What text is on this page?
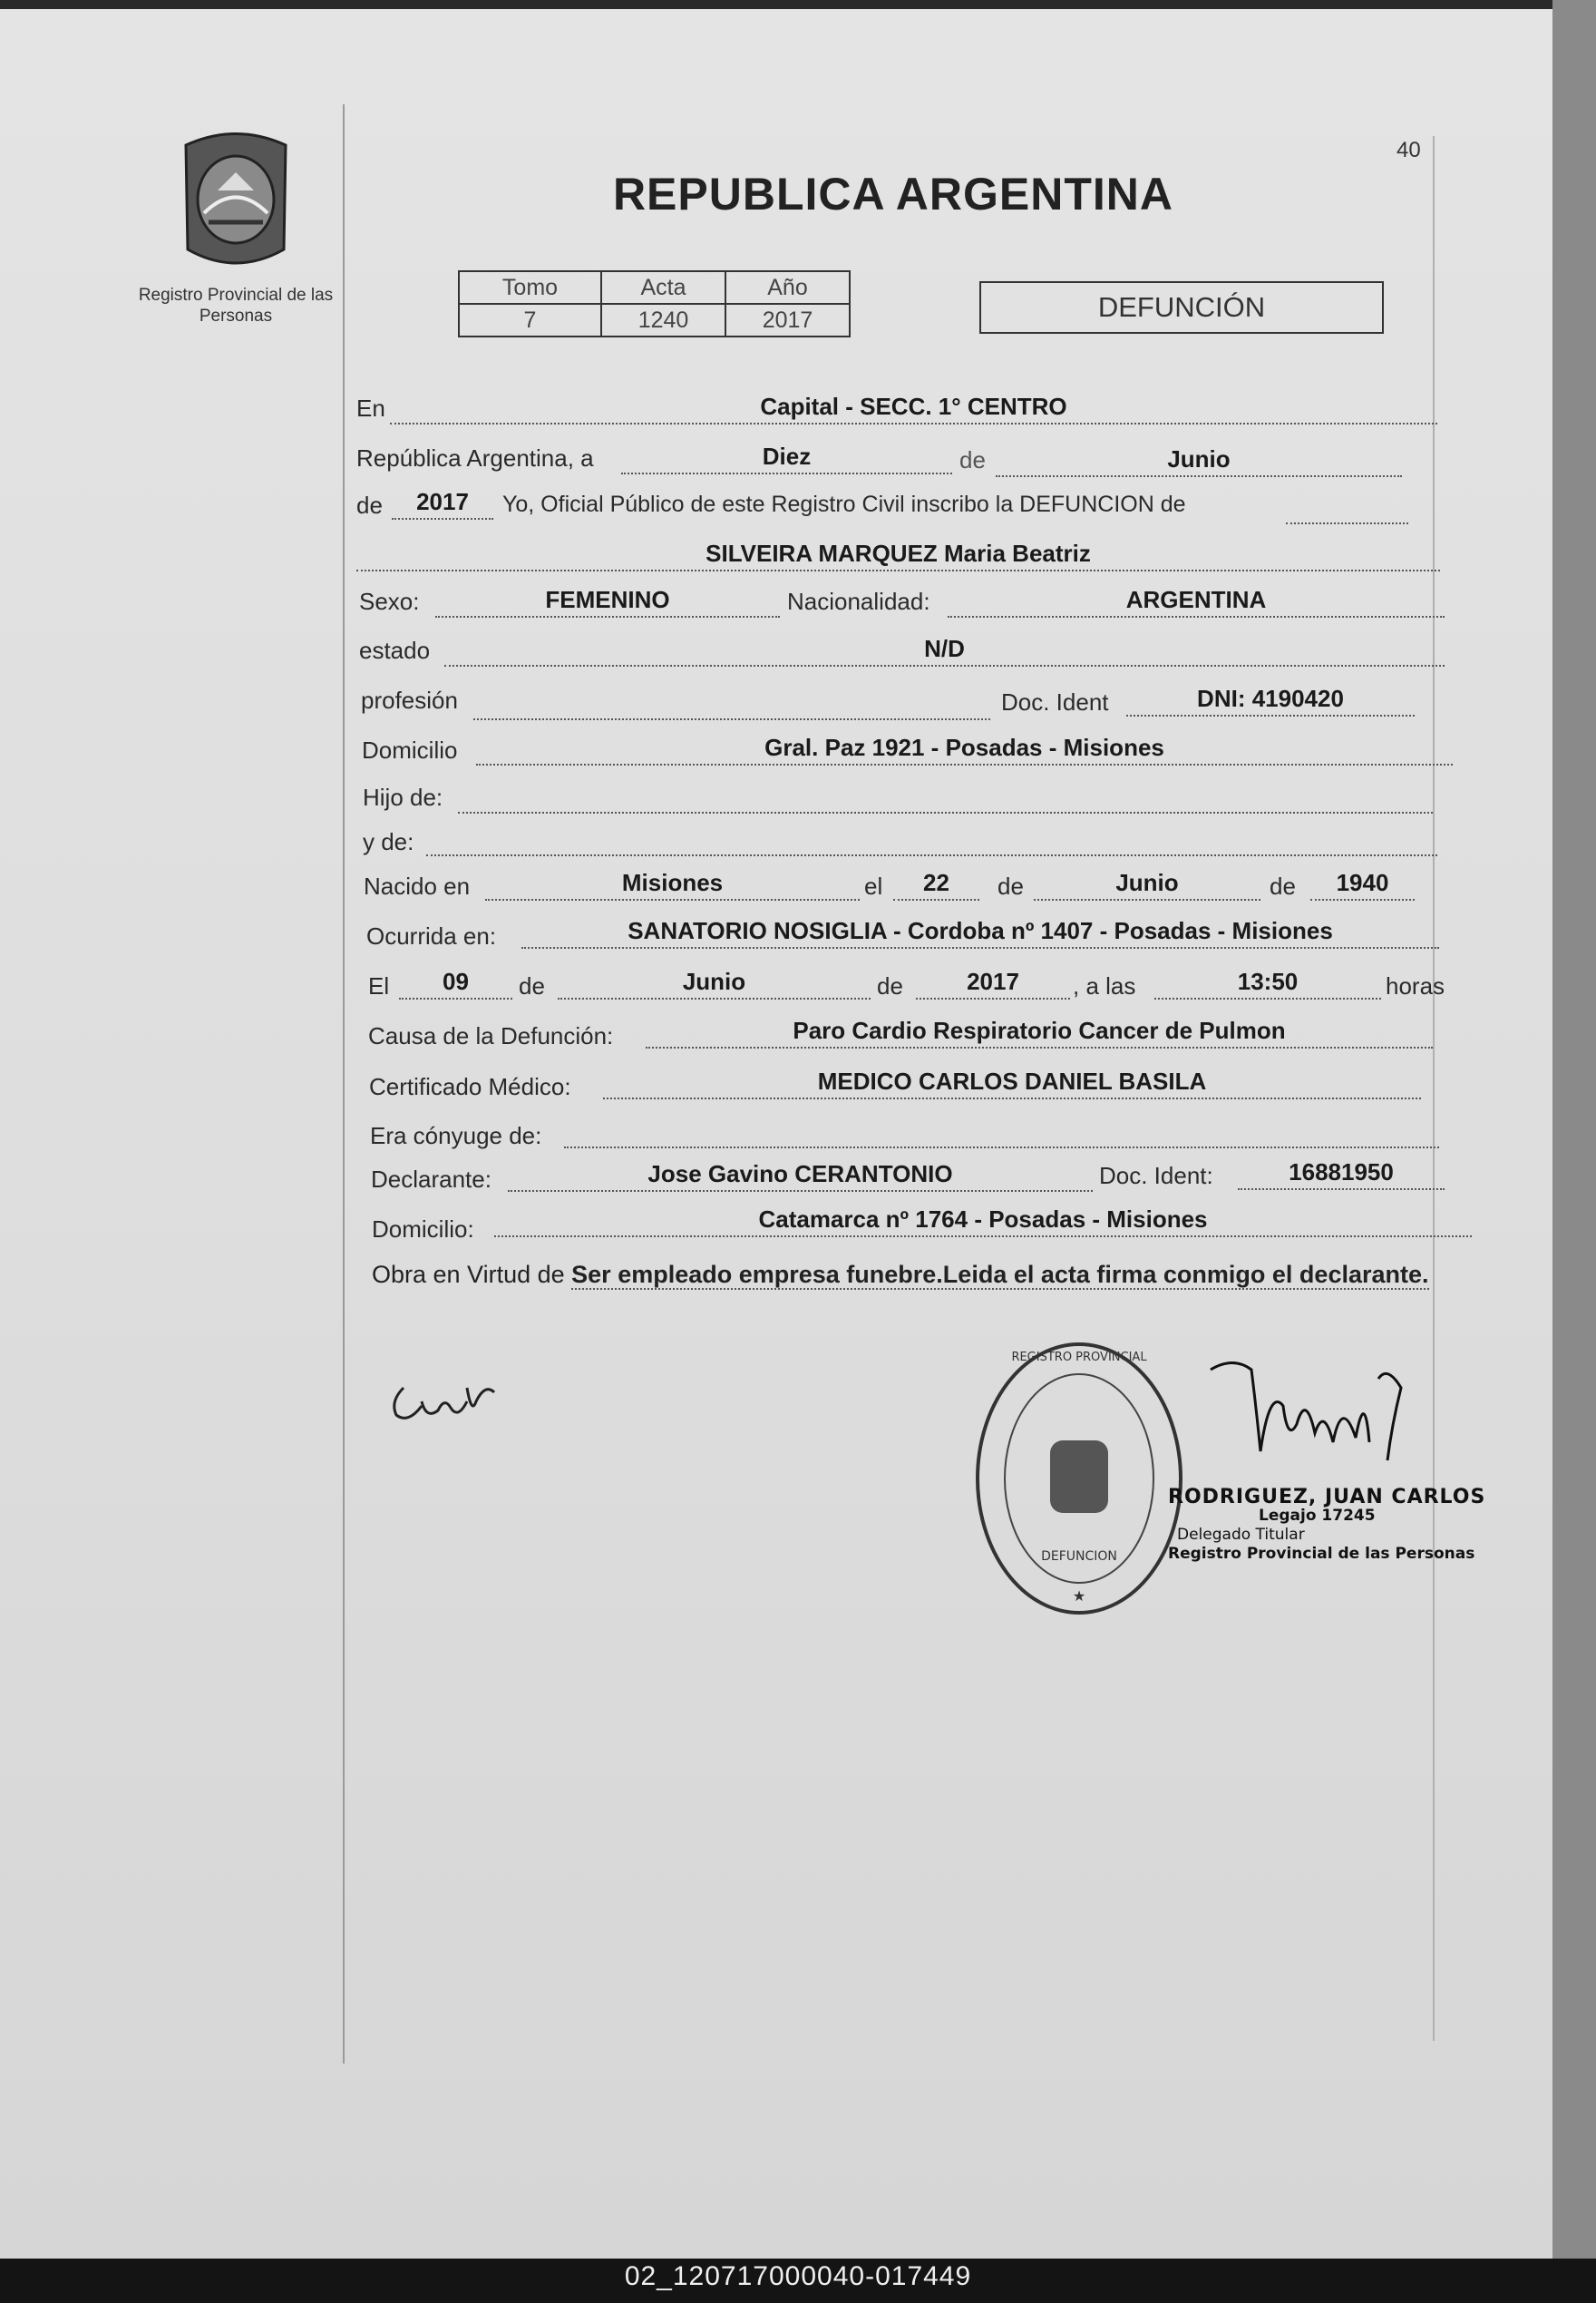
Registro Provincial de las Personas
40
REPUBLICA ARGENTINA
Tomo	Acta	Año
7	1240	2017	DEFUNCIÓN
En	Capital - SECC. 1° CENTRO
República Argentina, a	Diez	de	Junio
de	2017	Yo, Oficial Público de este Registro Civil inscribo la DEFUNCION de
SILVEIRA MARQUEZ Maria Beatriz
Sexo:	FEMENINO	Nacionalidad:	ARGENTINA
estado	N/D
profesión	Doc. Ident	DNI: 4190420
Domicilio	Gral. Paz 1921 - Posadas - Misiones
Hijo de:
y de:
Nacido en	Misiones	el	22	de	Junio	de	1940
Ocurrida en:	SANATORIO NOSIGLIA - Cordoba nº 1407 - Posadas - Misiones
El	09	de	Junio	de	2017	, a las	13:50	horas
Causa de la Defunción:	Paro Cardio Respiratorio Cancer de Pulmon
Certificado Médico:	MEDICO CARLOS DANIEL BASILA
Era cónyuge de:
Declarante:	Jose Gavino CERANTONIO	Doc. Ident:	16881950
Domicilio:	Catamarca nº 1764 - Posadas - Misiones
Obra en Virtud de Ser empleado empresa funebre.Leida el acta firma conmigo el declarante.
REGISTRO PROVINCIAL
★
DEFUNCION
RODRIGUEZ, JUAN CARLOS
Legajo 17245
Delegado Titular
Registro Provincial de las Personas
02_120717000040-017449
